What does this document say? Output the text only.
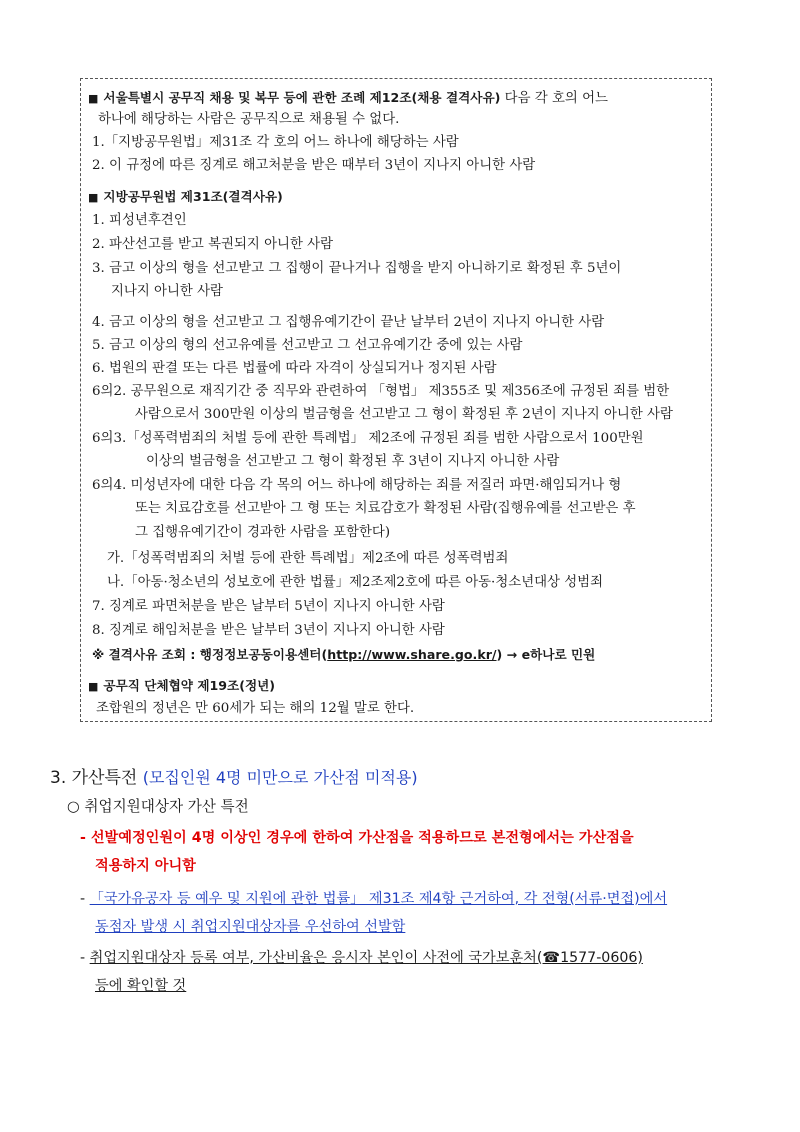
■ 서울특별시 공무직 채용 및 복무 등에 관한 조례 제12조(채용 결격사유) 다음 각 호의 어느
하나에 해당하는 사람은 공무직으로 채용될 수 없다.
1.「지방공무원법」제31조 각 호의 어느 하나에 해당하는 사람
2. 이 규정에 따른 징계로 해고처분을 받은 때부터 3년이 지나지 아니한 사람
■ 지방공무원법 제31조(결격사유)
1. 피성년후견인
2. 파산선고를 받고 복권되지 아니한 사람
3. 금고 이상의 형을 선고받고 그 집행이 끝나거나 집행을 받지 아니하기로 확정된 후 5년이
지나지 아니한 사람
4. 금고 이상의 형을 선고받고 그 집행유예기간이 끝난 날부터 2년이 지나지 아니한 사람
5. 금고 이상의 형의 선고유예를 선고받고 그 선고유예기간 중에 있는 사람
6. 법원의 판결 또는 다른 법률에 따라 자격이 상실되거나 정지된 사람
6의2. 공무원으로 재직기간 중 직무와 관련하여 「형법」 제355조 및 제356조에 규정된 죄를 범한
사람으로서 300만원 이상의 벌금형을 선고받고 그 형이 확정된 후 2년이 지나지 아니한 사람
6의3.「성폭력범죄의 처벌 등에 관한 특례법」 제2조에 규정된 죄를 범한 사람으로서 100만원
이상의 벌금형을 선고받고 그 형이 확정된 후 3년이 지나지 아니한 사람
6의4. 미성년자에 대한 다음 각 목의 어느 하나에 해당하는 죄를 저질러 파면·해임되거나 형
또는 치료감호를 선고받아 그 형 또는 치료감호가 확정된 사람(집행유예를 선고받은 후
그 집행유예기간이 경과한 사람을 포함한다)
가.「성폭력범죄의 처벌 등에 관한 특례법」제2조에 따른 성폭력범죄
나.「아동·청소년의 성보호에 관한 법률」제2조제2호에 따른 아동·청소년대상 성범죄
7. 징계로 파면처분을 받은 날부터 5년이 지나지 아니한 사람
8. 징계로 해임처분을 받은 날부터 3년이 지나지 아니한 사람
※ 결격사유 조회 : 행정정보공동이용센터(http://www.share.go.kr/) → e하나로 민원
■ 공무직 단체협약 제19조(정년)
조합원의 정년은 만 60세가 되는 해의 12월 말로 한다.
3. 가산특전 (모집인원 4명 미만으로 가산점 미적용)
○ 취업지원대상자 가산 특전
- 선발예정인원이 4명 이상인 경우에 한하여 가산점을 적용하므로 본전형에서는 가산점을
적용하지 아니함
- 「국가유공자 등 예우 및 지원에 관한 법률」 제31조 제4항 근거하여, 각 전형(서류·면접)에서
동점자 발생 시 취업지원대상자를 우선하여 선발함
- 취업지원대상자 등록 여부, 가산비율은 응시자 본인이 사전에 국가보훈처(☎1577-0606)
등에 확인할 것
